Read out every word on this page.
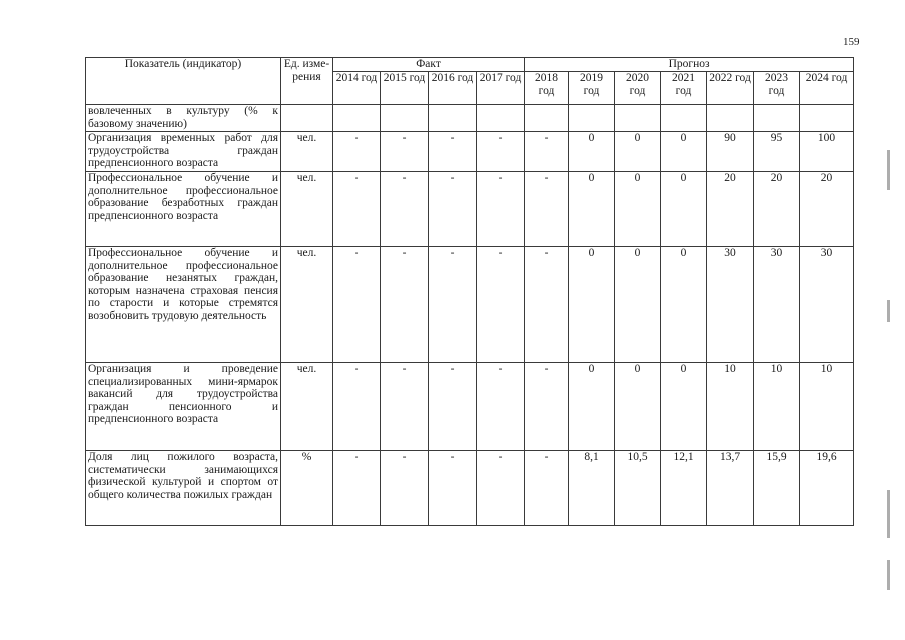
159
Показатель (индикатор)	Ед. изме-рения	Факт				Прогноз						
		2014 год	2015 год	2016 год	2017 год	2018 год	2019 год	2020 год	2021 год	2022 год	2023 год	2024 год
вовлеченных в культуру (% к базовому значению)												
Организация временных работ для трудоустройства граждан предпенсионного возраста	чел.	-	-	-	-	-	0	0	0	90	95	100
Профессиональное обучение и дополнительное профессиональное образование безработных граждан предпенсионного возраста	чел.	-	-	-	-	-	0	0	0	20	20	20
Профессиональное обучение и дополнительное профессиональное образование незанятых граждан, которым назначена страховая пенсия по старости и которые стремятся возобновить трудовую деятельность	чел.	-	-	-	-	-	0	0	0	30	30	30
Организация и проведение специализированных мини-ярмарок вакансий для трудоустройства граждан пенсионного и предпенсионного возраста	чел.	-	-	-	-	-	0	0	0	10	10	10
Доля лиц пожилого возраста, систематически занимающихся физической культурой и спортом от общего количества пожилых граждан	%	-	-	-	-	-	8,1	10,5	12,1	13,7	15,9	19,6
